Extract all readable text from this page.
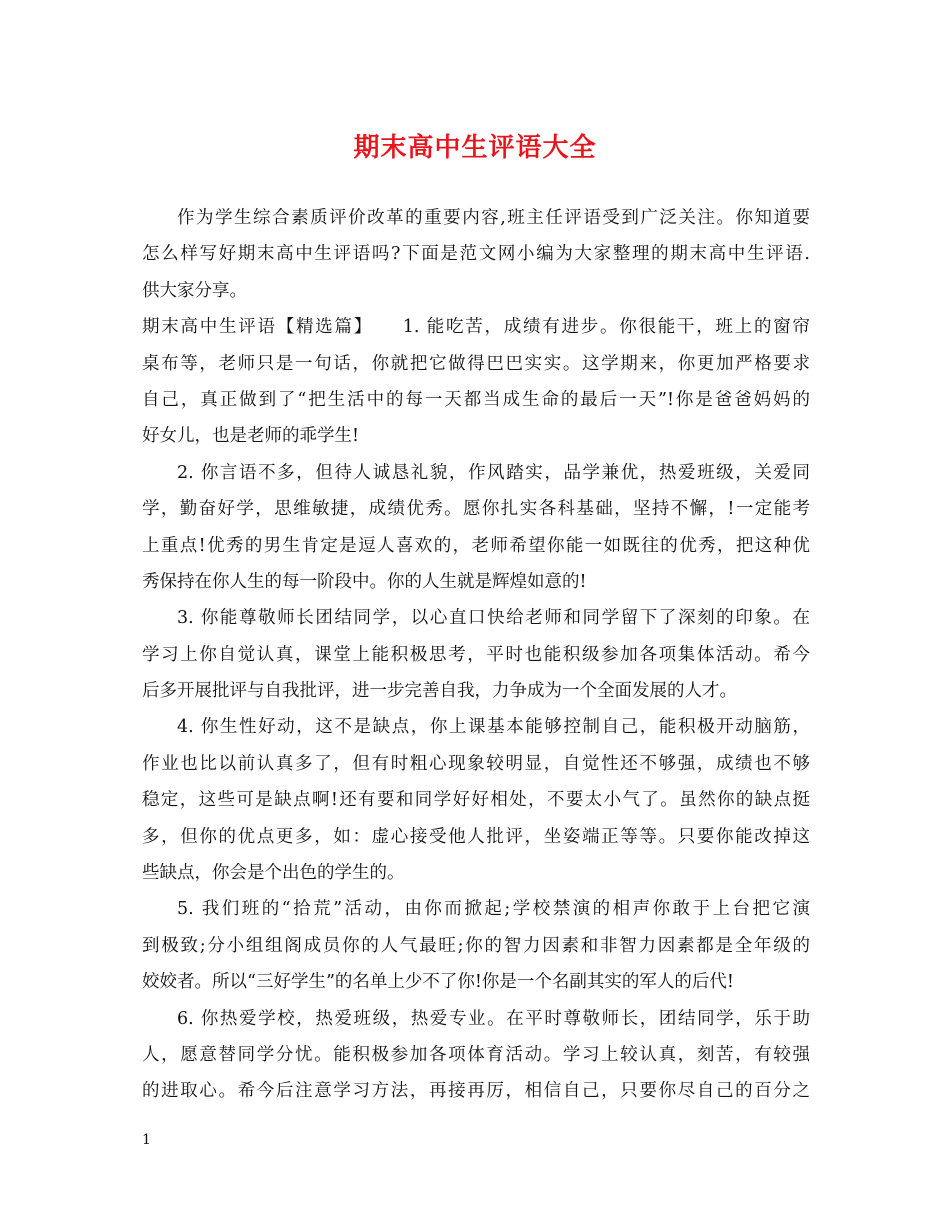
期末高中生评语大全
作为学生综合素质评价改革的重要内容,班主任评语受到广泛关注。你知道要
怎么样写好期末高中生评语吗?下面是范文网小编为大家整理的期末高中生评语.
供大家分享。
期末高中生评语【精选篇】　　1. 能吃苦，成绩有进步。你很能干，班上的窗帘
桌布等，老师只是一句话，你就把它做得巴巴实实。这学期来，你更加严格要求
自己，真正做到了“把生活中的每一天都当成生命的最后一天”!你是爸爸妈妈的
好女儿，也是老师的乖学生!
2. 你言语不多，但待人诚恳礼貌，作风踏实，品学兼优，热爱班级，关爱同
学，勤奋好学，思维敏捷，成绩优秀。愿你扎实各科基础，坚持不懈，!一定能考
上重点!优秀的男生肯定是逗人喜欢的，老师希望你能一如既往的优秀，把这种优
秀保持在你人生的每一阶段中。你的人生就是辉煌如意的!
3. 你能尊敬师长团结同学，以心直口快给老师和同学留下了深刻的印象。在
学习上你自觉认真，课堂上能积极思考，平时也能积级参加各项集体活动。希今
后多开展批评与自我批评，进一步完善自我，力争成为一个全面发展的人才。
4. 你生性好动，这不是缺点，你上课基本能够控制自己，能积极开动脑筋，
作业也比以前认真多了，但有时粗心现象较明显，自觉性还不够强，成绩也不够
稳定，这些可是缺点啊!还有要和同学好好相处，不要太小气了。虽然你的缺点挺
多，但你的优点更多，如：虚心接受他人批评，坐姿端正等等。只要你能改掉这
些缺点，你会是个出色的学生的。
5. 我们班的“拾荒”活动，由你而掀起;学校禁演的相声你敢于上台把它演
到极致;分小组组阁成员你的人气最旺;你的智力因素和非智力因素都是全年级的
姣姣者。所以“三好学生”的名单上少不了你!你是一个名副其实的军人的后代!
6. 你热爱学校，热爱班级，热爱专业。在平时尊敬师长，团结同学，乐于助
人，愿意替同学分忧。能积极参加各项体育活动。学习上较认真，刻苦，有较强
的进取心。希今后注意学习方法，再接再厉，相信自己，只要你尽自己的百分之
1
